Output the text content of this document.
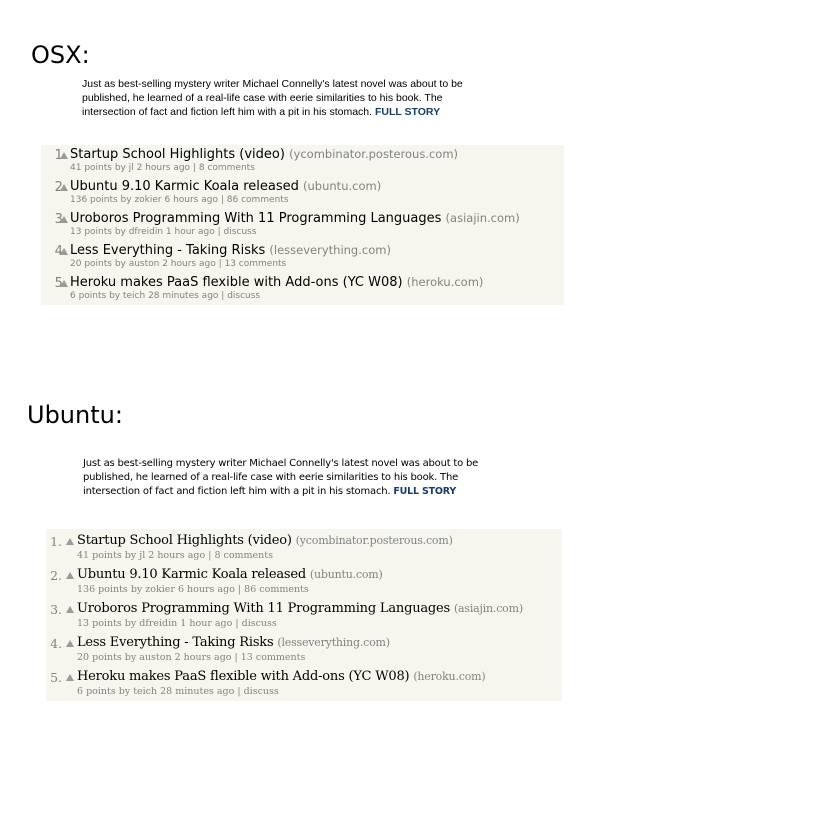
OSX:
Just as best-selling mystery writer Michael Connelly's latest novel was about to be published, he learned of a real-life case with eerie similarities to his book. The intersection of fact and fiction left him with a pit in his stomach. FULL STORY
1. Startup School Highlights (video) (ycombinator.posterous.com)
41 points by jl 2 hours ago | 8 comments
2. Ubuntu 9.10 Karmic Koala released (ubuntu.com)
136 points by zokier 6 hours ago | 86 comments
3. Uroboros Programming With 11 Programming Languages (asiajin.com)
13 points by dfreidin 1 hour ago | discuss
4. Less Everything - Taking Risks (lesseverything.com)
20 points by auston 2 hours ago | 13 comments
5. Heroku makes PaaS flexible with Add-ons (YC W08) (heroku.com)
6 points by teich 28 minutes ago | discuss
Ubuntu:
Just as best-selling mystery writer Michael Connelly's latest novel was about to be published, he learned of a real-life case with eerie similarities to his book. The intersection of fact and fiction left him with a pit in his stomach. FULL STORY
1. Startup School Highlights (video) (ycombinator.posterous.com)
41 points by jl 2 hours ago | 8 comments
2. Ubuntu 9.10 Karmic Koala released (ubuntu.com)
136 points by zokier 6 hours ago | 86 comments
3. Uroboros Programming With 11 Programming Languages (asiajin.com)
13 points by dfreidin 1 hour ago | discuss
4. Less Everything - Taking Risks (lesseverything.com)
20 points by auston 2 hours ago | 13 comments
5. Heroku makes PaaS flexible with Add-ons (YC W08) (heroku.com)
6 points by teich 28 minutes ago | discuss
